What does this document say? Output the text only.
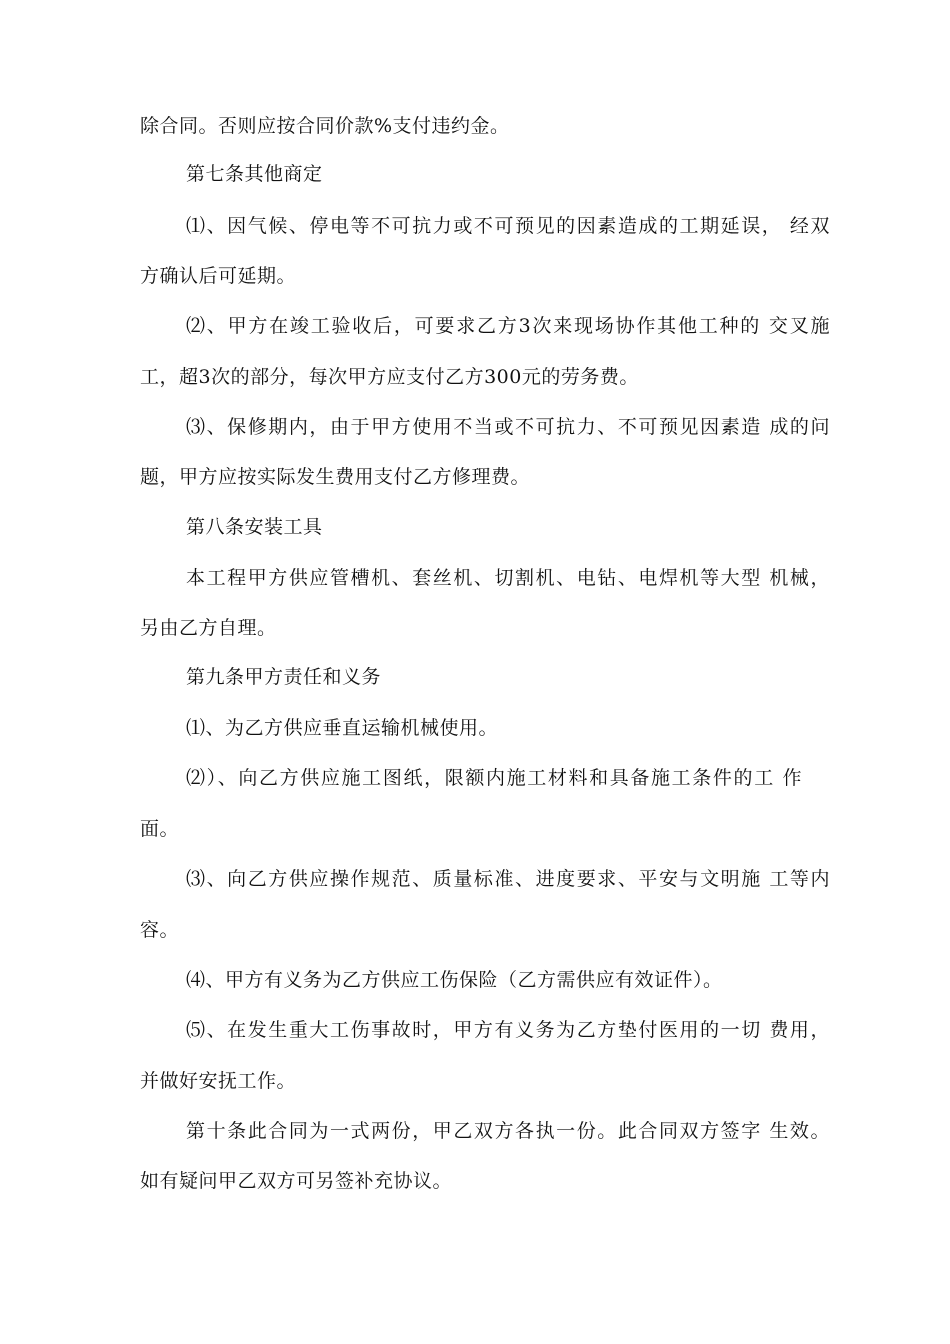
除合同。否则应按合同价款%支付违约金。
第七条其他商定
⑴、因气候、停电等不可抗力或不可预见的因素造成的工期延误， 经双
方确认后可延期。
⑵、甲方在竣工验收后，可要求乙方3次来现场协作其他工种的 交叉施
工，超3次的部分，每次甲方应支付乙方300元的劳务费。
⑶、保修期内，由于甲方使用不当或不可抗力、不可预见因素造 成的问
题，甲方应按实际发生费用支付乙方修理费。
第八条安装工具
本工程甲方供应管槽机、套丝机、切割机、电钻、电焊机等大型 机械，
另由乙方自理。
第九条甲方责任和义务
⑴、为乙方供应垂直运输机械使用。
⑵）、向乙方供应施工图纸，限额内施工材料和具备施工条件的工 作
面。
⑶、向乙方供应操作规范、质量标准、进度要求、平安与文明施 工等内
容。
⑷、甲方有义务为乙方供应工伤保险（乙方需供应有效证件）。
⑸、在发生重大工伤事故时，甲方有义务为乙方垫付医用的一切 费用，
并做好安抚工作。
第十条此合同为一式两份，甲乙双方各执一份。此合同双方签字 生效。
如有疑问甲乙双方可另签补充协议。
